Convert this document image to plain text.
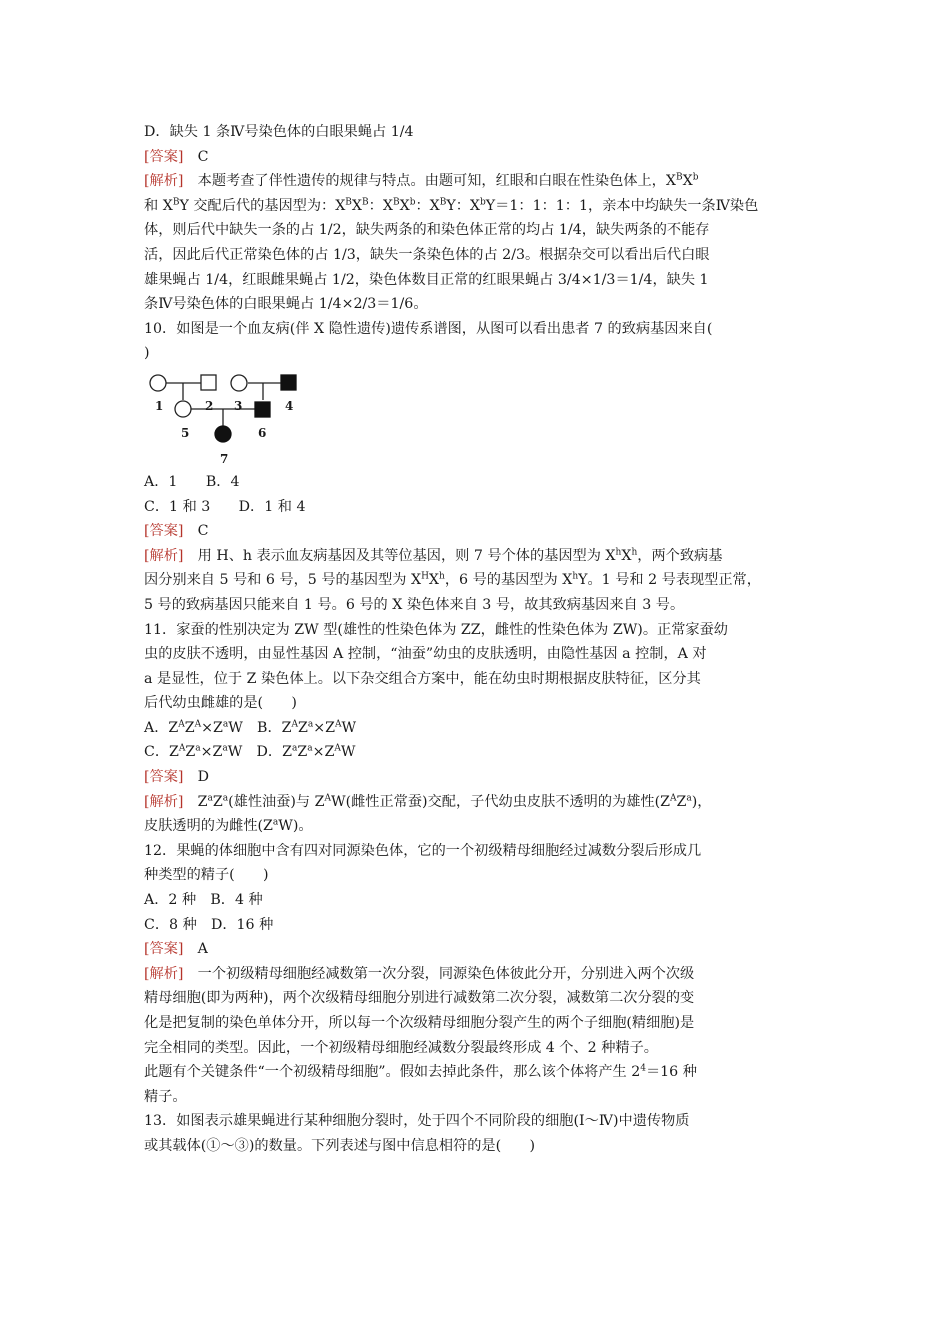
D．缺失 1 条Ⅳ号染色体的白眼果蝇占 1/4
[答案]　 C
[解析]　 本题考查了伴性遗传的规律与特点。由题可知，红眼和白眼在性染色体上，$X^BX^b$
和 $X^BY$ 交配后代的基因型为：$X^BX^B$：$X^BX^b$：$X^BY$：$X^bY=1$：1：1：1，亲本中均缺失一条Ⅳ染色
体，则后代中缺失一条的占 1/2，缺失两条的和染色体正常的均占 1/4，缺失两条的不能存
活，因此后代正常染色体的占 1/3，缺失一条染色体的占 2/3。根据杂交可以看出后代白眼
雄果蝇占 1/4，红眼雌果蝇占 1/2，染色体数目正常的红眼果蝇占 3/4×1/3＝1/4，缺失 1
条Ⅳ号染色体的白眼果蝇占 1/4×2/3＝1/6。
10．如图是一个血友病(伴 X 隐性遗传)遗传系谱图，从图可以看出患者 7 的致病基因来自(
)
1	2 3	4
5	6
7
A．1　　B．4
C．1 和 3　　D．1 和 4
[答案]　 C
[解析]　 用 H、h 表示血友病基因及其等位基因，则 7 号个体的基因型为 $X^hX^h$，两个致病基
因分别来自 5 号和 6 号，5 号的基因型为 $X^HX^h$，6 号的基因型为 $X^hY$。1 号和 2 号表现型正常，
5 号的致病基因只能来自 1 号。6 号的 X 染色体来自 3 号，故其致病基因来自 3 号。
11．家蚕的性别决定为 ZW 型(雄性的性染色体为 ZZ，雌性的性染色体为 ZW)。正常家蚕幼
虫的皮肤不透明，由显性基因 A 控制，“油蚕”幼虫的皮肤透明，由隐性基因 a 控制，A 对
a 是显性，位于 Z 染色体上。以下杂交组合方案中，能在幼虫时期根据皮肤特征，区分其
后代幼虫雌雄的是(　　)
A．$Z^AZ^A\times Z^aW$　B．$Z^AZ^a\times Z^AW$
C．$Z^AZ^a\times Z^aW$　D．$Z^aZ^a\times Z^AW$
[答案]　 D
[解析]　$Z^aZ^a$(雄性油蚕)与 $Z^AW$(雌性正常蚕)交配，子代幼虫皮肤不透明的为雄性$(Z^AZ^a)$，
皮肤透明的为雌性$(Z^aW)$。
12．果蝇的体细胞中含有四对同源染色体，它的一个初级精母细胞经过减数分裂后形成几
种类型的精子(　　)
A．2 种　B．4 种
C．8 种　D．16 种
[答案]　 A
[解析]　 一个初级精母细胞经减数第一次分裂，同源染色体彼此分开，分别进入两个次级
精母细胞(即为两种)，两个次级精母细胞分别进行减数第二次分裂，减数第二次分裂的变
化是把复制的染色单体分开，所以每一个次级精母细胞分裂产生的两个子细胞(精细胞)是
完全相同的类型。因此，一个初级精母细胞经减数分裂最终形成 4 个、2 种精子。
此题有个关键条件“一个初级精母细胞”。假如去掉此条件，那么该个体将产生 $2^4=16$ 种
精子。
13．如图表示雄果蝇进行某种细胞分裂时，处于四个不同阶段的细胞(Ⅰ～Ⅳ)中遗传物质
或其载体(①～③)的数量。下列表述与图中信息相符的是(　　)
